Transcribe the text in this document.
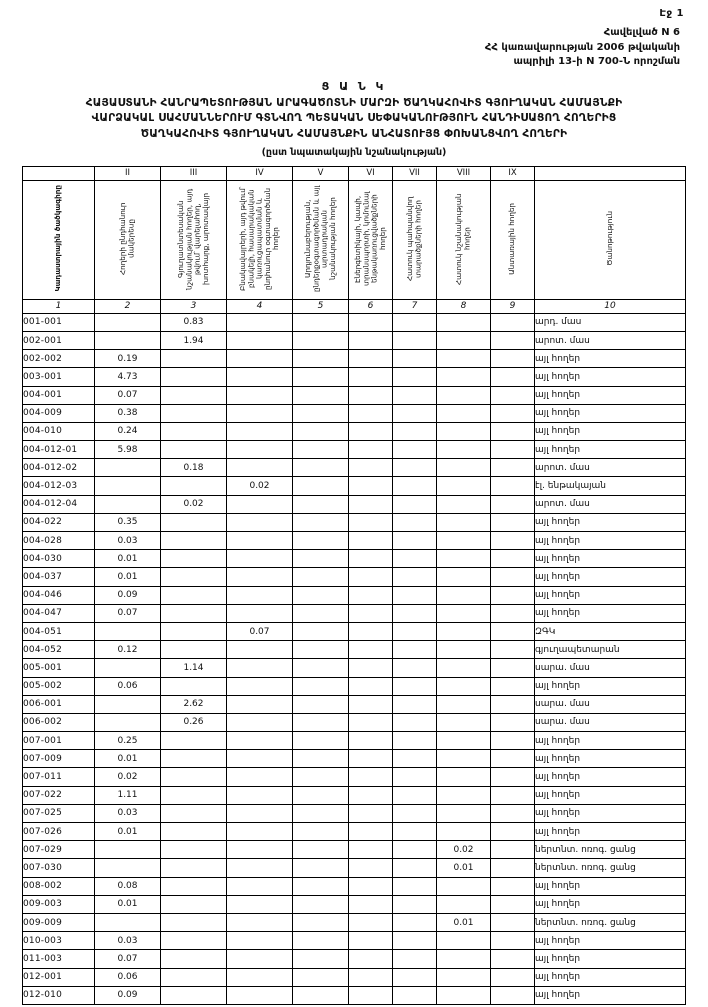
Էջ 1
Հավելված N 6
ՀՀ կառավարության 2006 թվականի
ապրիլի 13-ի N 700-Ն որոշման
Ց Ա Ն Կ
ՀԱՅԱՍՏԱՆԻ ՀԱՆՐԱՊԵՏՈՒԹՅԱՆ ԱՐԱԳԱԾՈՏՆԻ ՄԱՐԶԻ ԾԱՂԿԱՀՈՎԻՏ ԳՅՈՒՂԱԿԱՆ ՀԱՄԱՅՆՔԻ
ՎԱՐՁԱԿԱԼ ՍԱՀՄԱՆՆԵՐՈՒՄ ԳՏՆՎՈՂ ՊԵՏԱԿԱՆ ՍԵՓԱԿԱՆՈՒԹՅՈՒՆ ՀԱՆԴԻՍԱՑՈՂ ՀՈՂԵՐԻՑ
ԾԱՂԿԱՀՈՎԻՏ ԳՅՈՒՂԱԿԱՆ ՀԱՄԱՅՆՔԻՆ ԱՆՀԱՏՈՒՅՑ ՓՈԽԱՆՑՎՈՂ ՀՈՂԵՐԻ
(ըստ նպատակային նշանակության)
	II	III	IV	V	VI	VII	VIII	IX	
Կադաստրային ծածկագիրը	Հողերի ընդհանուր մակերեսը	Գյուղատնտեսական նշանակության հողեր, այդ թվում՝ վարելահող, խոտհարք, արոտավայր	Բնակավայրերի, այդ թվում՝ բնակելի, հասարակական կառուցապատման և ընդհանուր օգտագործման հողեր	Արդյունաբերության, ընդերքօգտագործման և այլ արտադրական նշանակության հողեր	Էներգետիկայի, կապի, տրանսպորտի, կոմունալ ենթակառուցվածքների հողեր	Հատուկ պահպանվող տարածքների հողեր	Հատուկ նշանակության հողեր	Անտառային հողեր	Ծանոթություն
1	2	3	4	5	6	7	8	9	10
001-001		0.83							արդ. մաս
002-001		1.94							արոտ. մաս
002-002	0.19								այլ հողեր
003-001	4.73								այլ հողեր
004-001	0.07								այլ հողեր
004-009	0.38								այլ հողեր
004-010	0.24								այլ հողեր
004-012-01	5.98								այլ հողեր
004-012-02		0.18							արոտ. մաս
004-012-03			0.02						էլ. ենթակայան
004-012-04		0.02							արոտ. մաս
004-022	0.35								այլ հողեր
004-028	0.03								այլ հողեր
004-030	0.01								այլ հողեր
004-037	0.01								այլ հողեր
004-046	0.09								այլ հողեր
004-047	0.07								այլ հողեր
004-051			0.07						ԶԳԿ
004-052	0.12								գյուղապետարան
005-001		1.14							սարա. մաս
005-002	0.06								այլ հողեր
006-001		2.62							սարա. մաս
006-002		0.26							սարա. մաս
007-001	0.25								այլ հողեր
007-009	0.01								այլ հողեր
007-011	0.02								այլ հողեր
007-022	1.11								այլ հողեր
007-025	0.03								այլ հողեր
007-026	0.01								այլ հողեր
007-029							0.02		ներտնտ. ոռոգ. ցանց
007-030							0.01		ներտնտ. ոռոգ. ցանց
008-002	0.08								այլ հողեր
009-003	0.01								այլ հողեր
009-009							0.01		ներտնտ. ոռոգ. ցանց
010-003	0.03								այլ հողեր
011-003	0.07								այլ հողեր
012-001	0.06								այլ հողեր
012-010	0.09								այլ հողեր
